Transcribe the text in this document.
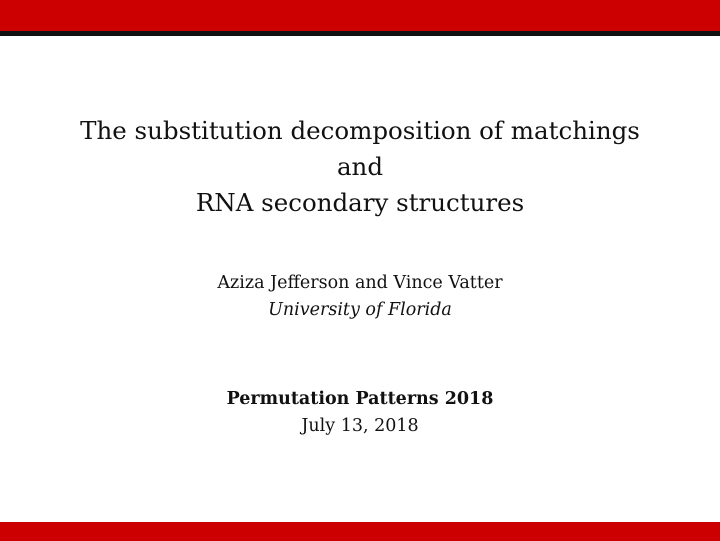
The substitution decomposition of matchings
and
RNA secondary structures
Aziza Jefferson and Vince Vatter
University of Florida
Permutation Patterns 2018
July 13, 2018
